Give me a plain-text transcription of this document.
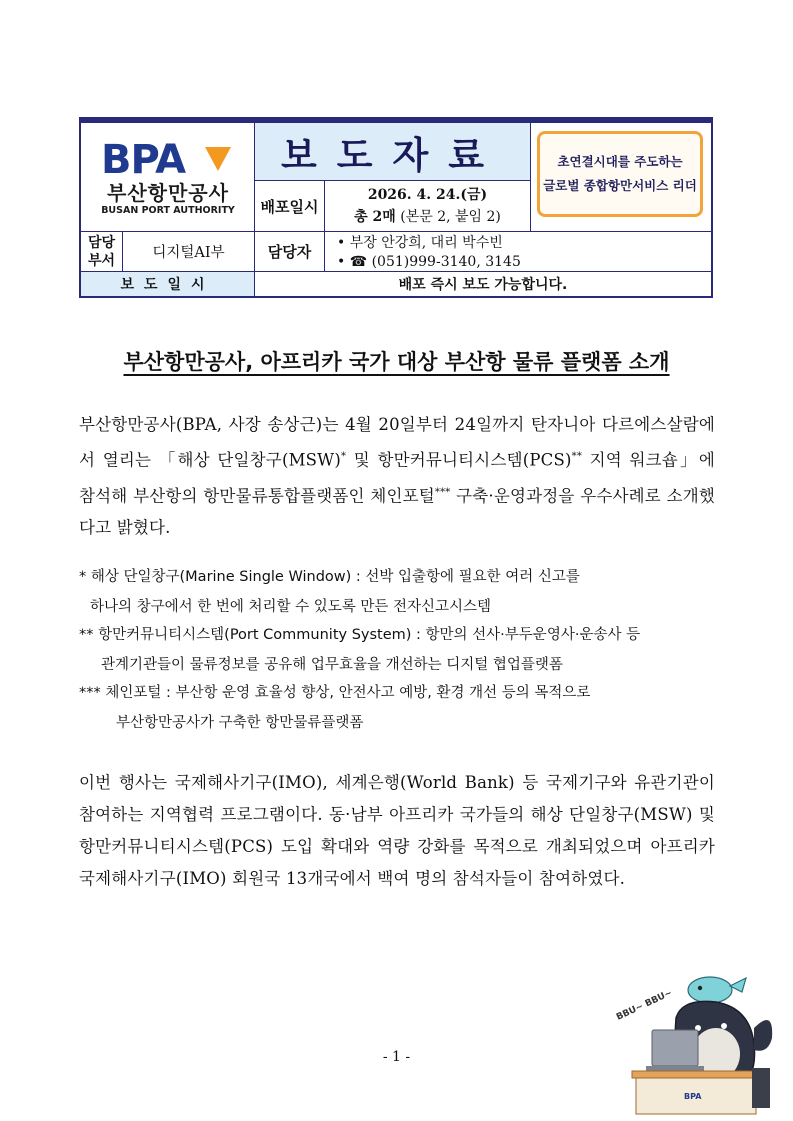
BPA
부산항만공사
BUSAN PORT AUTHORITY
보도자료
배포일시
2026. 4. 24.(금)
총 2매 (본문 2, 붙임 2)
초연결시대를 주도하는
글로벌 종합항만서비스 리더
담당 부서	디지털AI부	담당자	• 부장 안강희, 대리 박수빈
• ☎ (051)999-3140, 3145
보도일시	배포 즉시 보도 가능합니다.
부산항만공사, 아프리카 국가 대상 부산항 물류 플랫폼 소개
부산항만공사(BPA, 사장 송상근)는 4월 20일부터 24일까지 탄자니아 다르에스살람에서 열리는 「해상 단일창구(MSW)* 및 항만커뮤니티시스템(PCS)** 지역 워크숍」에 참석해 부산항의 항만물류통합플랫폼인 체인포털*** 구축·운영과정을 우수사례로 소개했다고 밝혔다.
* 해상 단일창구(Marine Single Window) : 선박 입출항에 필요한 여러 신고를
하나의 창구에서 한 번에 처리할 수 있도록 만든 전자신고시스템
** 항만커뮤니티시스템(Port Community System) : 항만의 선사·부두운영사·운송사 등
관계기관들이 물류정보를 공유해 업무효율을 개선하는 디지털 협업플랫폼
*** 체인포털 : 부산항 운영 효율성 향상, 안전사고 예방, 환경 개선 등의 목적으로
부산항만공사가 구축한 항만물류플랫폼
이번 행사는 국제해사기구(IMO), 세계은행(World Bank) 등 국제기구와 유관기관이 참여하는 지역협력 프로그램이다. 동·남부 아프리카 국가들의 해상 단일창구(MSW) 및 항만커뮤니티시스템(PCS) 도입 확대와 역량 강화를 목적으로 개최되었으며 아프리카 국제해사기구(IMO) 회원국 13개국에서 백여 명의 참석자들이 참여하였다.
- 1 -
BBU~ BBU~
BPA
